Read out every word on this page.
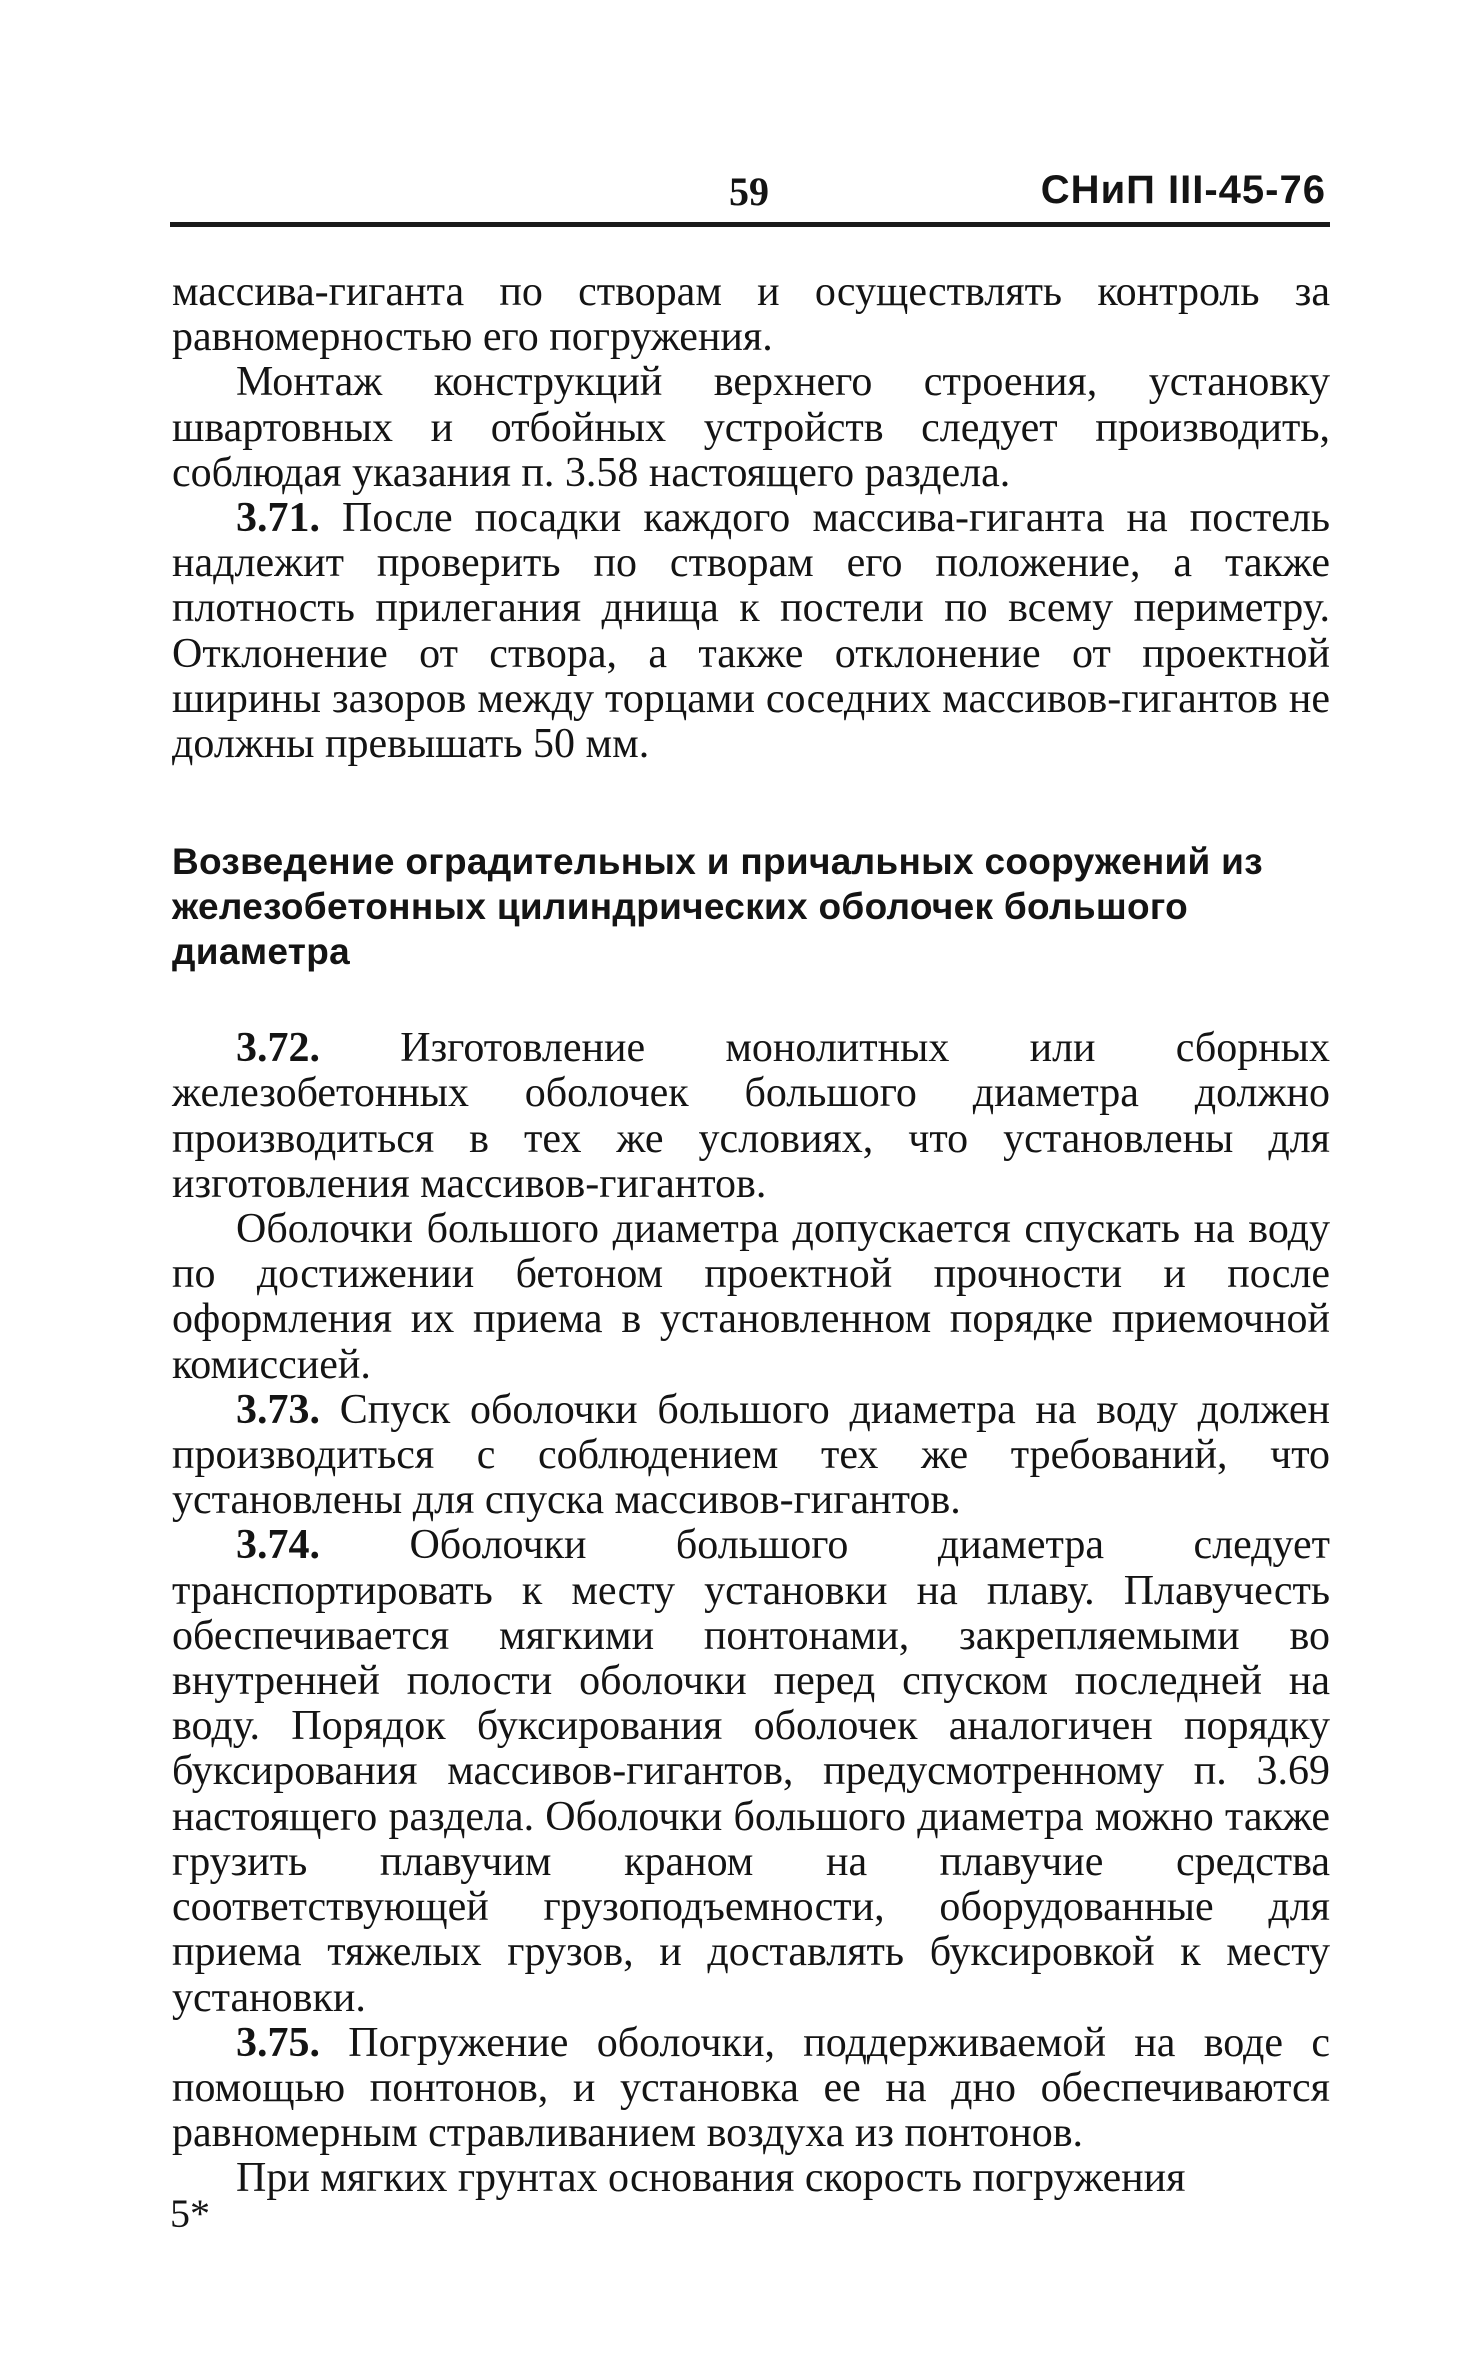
59	СНиП III-45-76

массива-гиганта по створам и осуществлять контроль за равномерностью его погружения.

Монтаж конструкций верхнего строения, установку швартовных и отбойных устройств следует производить, соблюдая указания п. 3.58 настоящего раздела.

3.71. После посадки каждого массива-гиганта на постель надлежит проверить по створам его положение, а также плотность прилегания днища к постели по всему периметру. Отклонение от створа, а также отклонение от проектной ширины зазоров между торцами соседних массивов-гигантов не должны превышать 50 мм.

Возведение оградительных и причальных сооружений из железобетонных цилиндрических оболочек большого диаметра

3.72. Изготовление монолитных или сборных железобетонных оболочек большого диаметра должно производиться в тех же условиях, что установлены для изготовления массивов-гигантов.

Оболочки большого диаметра допускается спускать на воду по достижении бетоном проектной прочности и после оформления их приема в установленном порядке приемочной комиссией.

3.73. Спуск оболочки большого диаметра на воду должен производиться с соблюдением тех же требований, что установлены для спуска массивов-гигантов.

3.74. Оболочки большого диаметра следует транспортировать к месту установки на плаву. Плавучесть обеспечивается мягкими понтонами, закрепляемыми во внутренней полости оболочки перед спуском последней на воду. Порядок буксирования оболочек аналогичен порядку буксирования массивов-гигантов, предусмотренному п. 3.69 настоящего раздела. Оболочки большого диаметра можно также грузить плавучим краном на плавучие средства соответствующей грузоподъемности, оборудованные для приема тяжелых грузов, и доставлять буксировкой к месту установки.

3.75. Погружение оболочки, поддерживаемой на воде с помощью понтонов, и установка ее на дно обеспечиваются равномерным стравливанием воздуха из понтонов.

При мягких грунтах основания скорость погружения

5*
